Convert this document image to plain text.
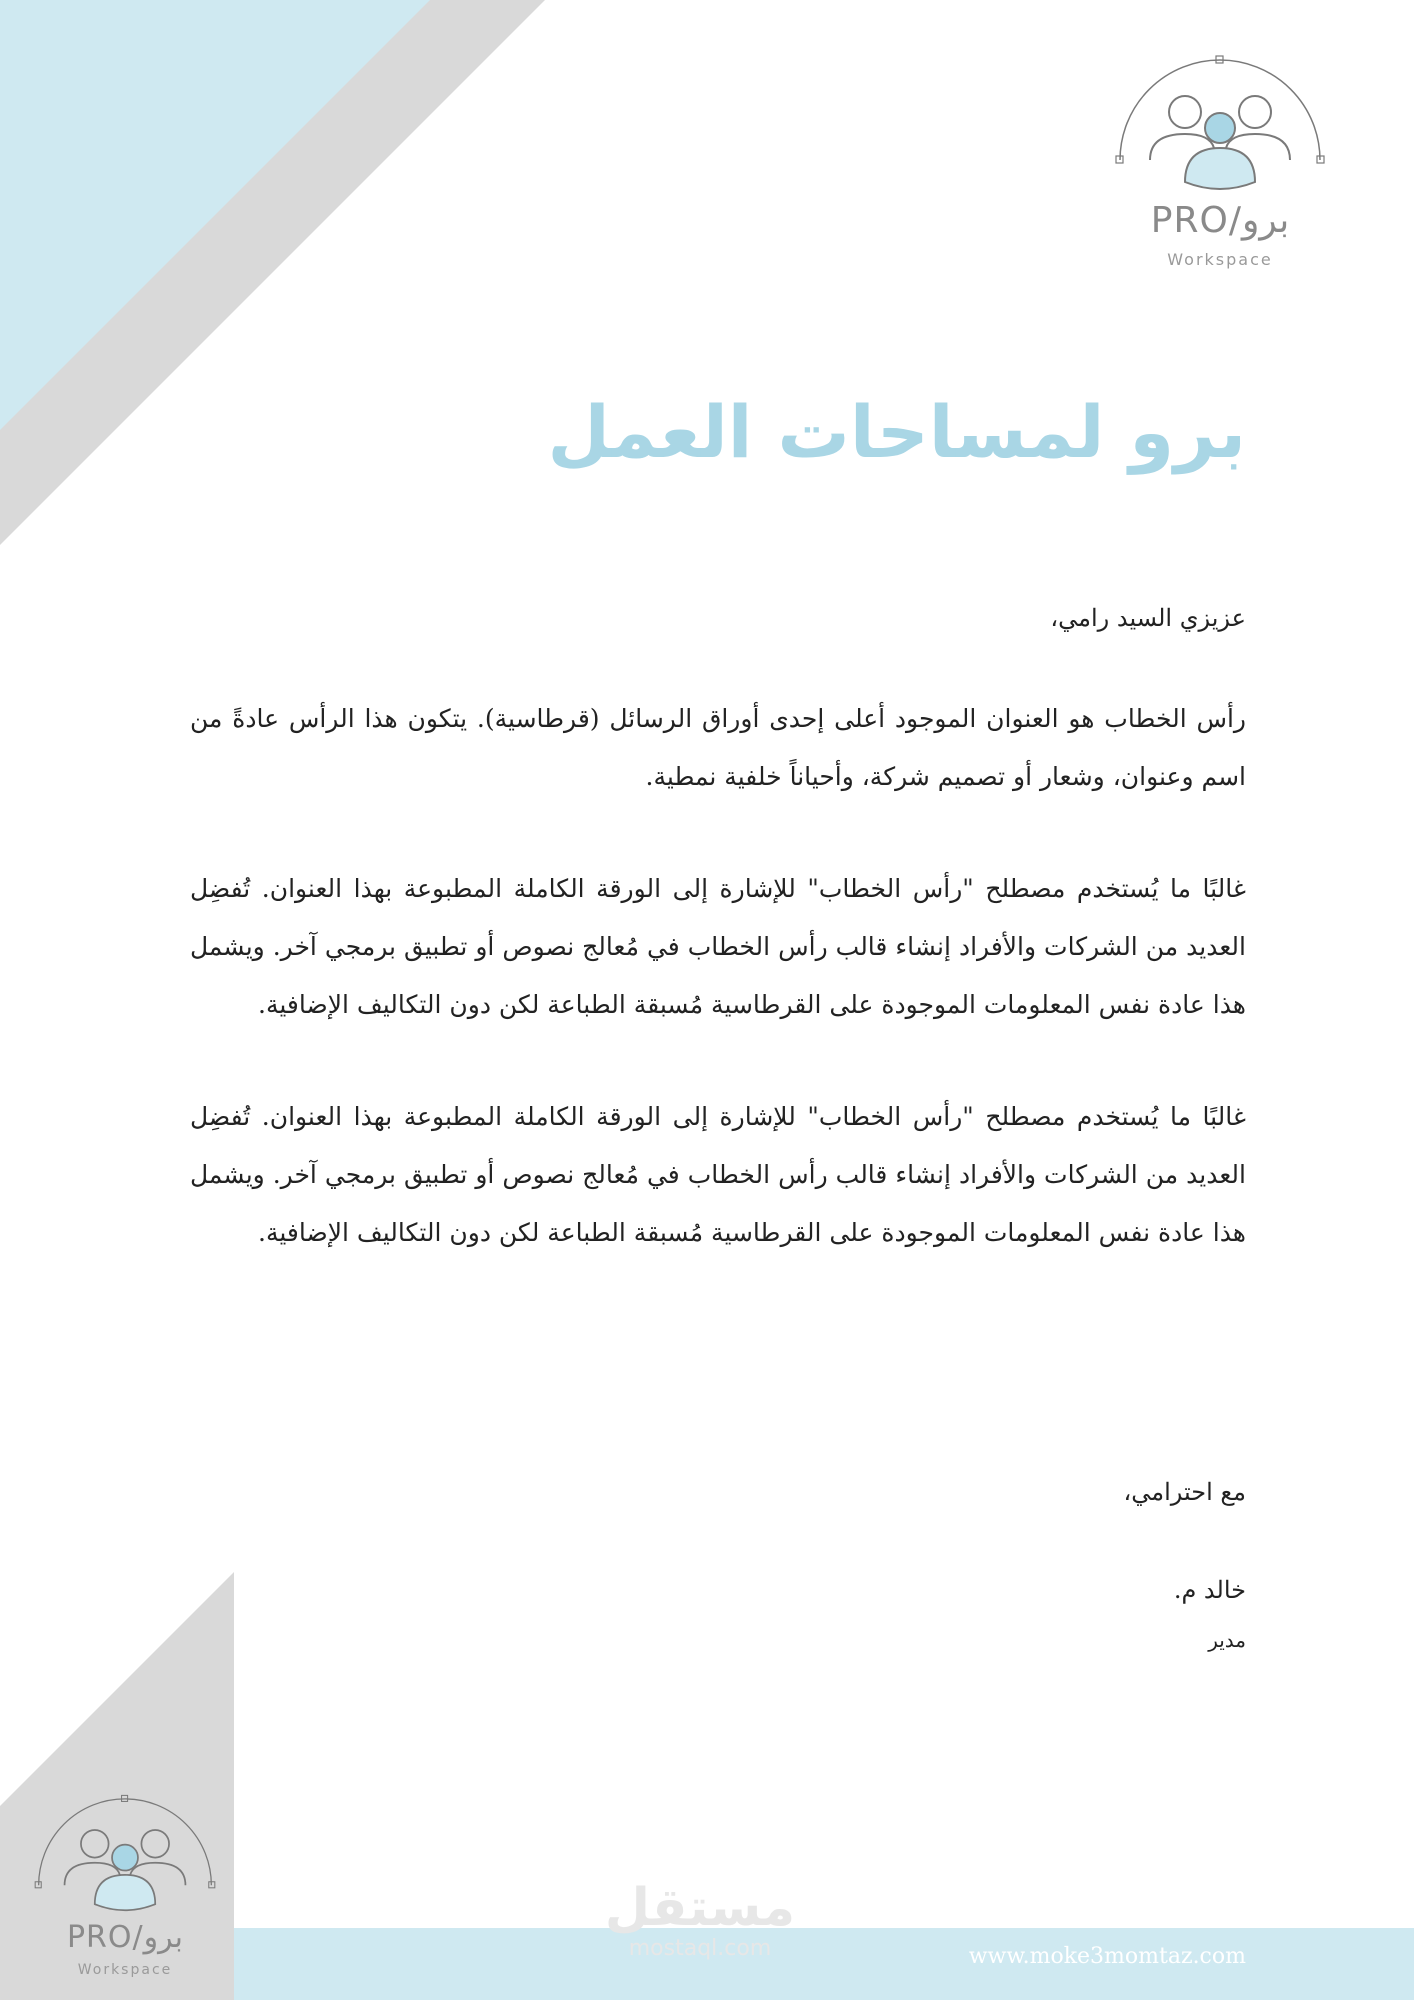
www.moke3momtaz.com
مستقل
mostaql.com
PRO/برو
Workspace
PRO/برو
Workspace
برو لمساحات العمل
عزيزي السيد رامي،

رأس الخطاب هو العنوان الموجود أعلى إحدى أوراق الرسائل (قرطاسية). يتكون هذا الرأس عادةً من اسم وعنوان، وشعار أو تصميم شركة، وأحياناً خلفية نمطية.

غالبًا ما يُستخدم مصطلح "رأس الخطاب" للإشارة إلى الورقة الكاملة المطبوعة بهذا العنوان. تُفضِل العديد من الشركات والأفراد إنشاء قالب رأس الخطاب في مُعالج نصوص أو تطبيق برمجي آخر. ويشمل هذا عادة نفس المعلومات الموجودة على القرطاسية مُسبقة الطباعة لكن دون التكاليف الإضافية.

غالبًا ما يُستخدم مصطلح "رأس الخطاب" للإشارة إلى الورقة الكاملة المطبوعة بهذا العنوان. تُفضِل العديد من الشركات والأفراد إنشاء قالب رأس الخطاب في مُعالج نصوص أو تطبيق برمجي آخر. ويشمل هذا عادة نفس المعلومات الموجودة على القرطاسية مُسبقة الطباعة لكن دون التكاليف الإضافية.

مع احترامي،
خالد م.
مدير
